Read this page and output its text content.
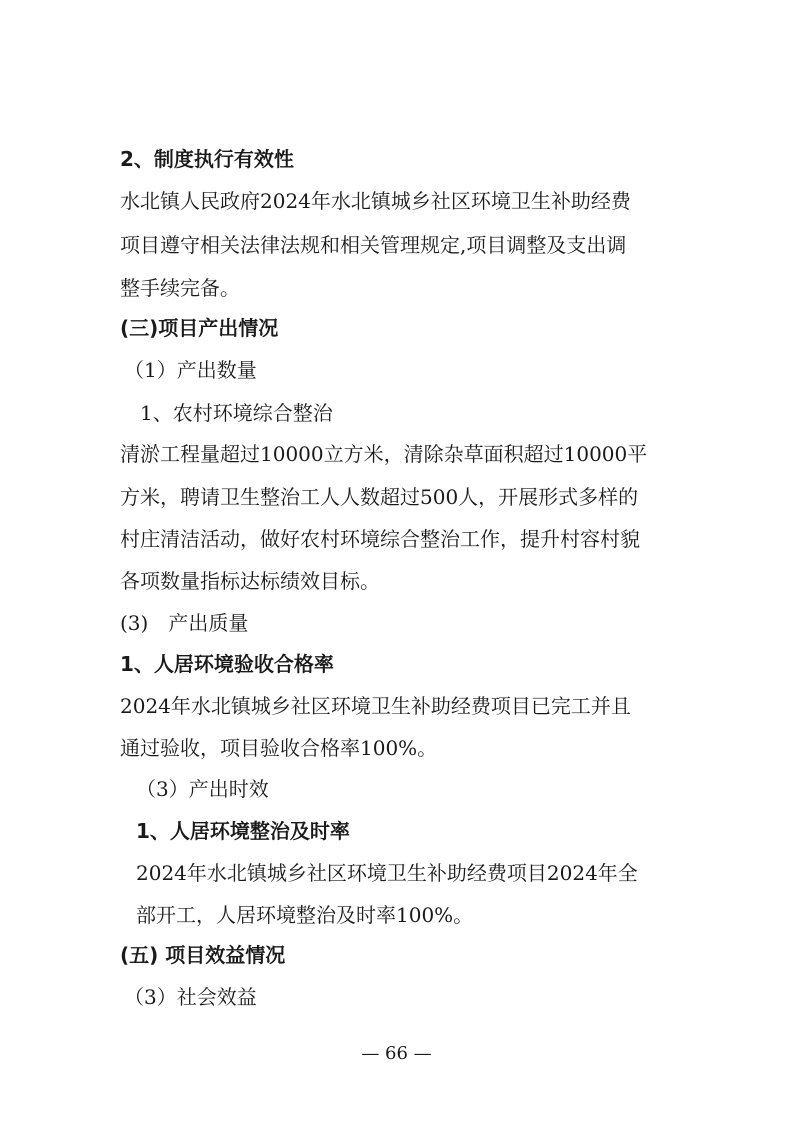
2、制度执行有效性
水北镇人民政府2024年水北镇城乡社区环境卫生补助经费
项目遵守相关法律法规和相关管理规定,项目调整及支出调
整手续完备。
(三)项目产出情况
（1）产出数量
1、农村环境综合整治
清淤工程量超过10000立方米，清除杂草面积超过10000平
方米，聘请卫生整治工人人数超过500人，开展形式多样的
村庄清洁活动，做好农村环境综合整治工作，提升村容村貌
各项数量指标达标绩效目标。
(3)　产出质量
1、人居环境验收合格率
2024年水北镇城乡社区环境卫生补助经费项目已完工并且
通过验收，项目验收合格率100%。
（3）产出时效
1、人居环境整治及时率
2024年水北镇城乡社区环境卫生补助经费项目2024年全
部开工，人居环境整治及时率100%。
(五) 项目效益情况
（3）社会效益
— 66 —
